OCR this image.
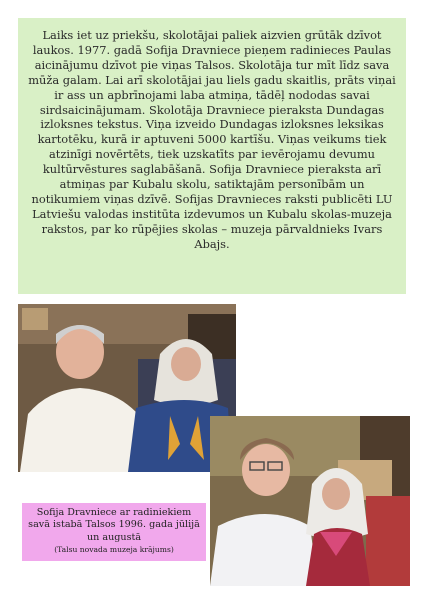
Laiks iet uz priekšu, skolotājai paliek aizvien grūtāk dzīvot laukos. 1977. gadā Sofija Dravniece pieņem radinieces Paulas aicinājumu dzīvot pie viņas Talsos. Skolotāja tur mīt līdz sava mūža galam. Lai arī skolotājai jau liels gadu skaitlis, prāts viņai ir ass un apbrīnojami laba atmiņa, tādēļ nododas savai sirdsaicinājumam. Skolotāja Dravniece pieraksta Dundagas izloksnes tekstus. Viņa izveido Dundagas izloksnes leksikas kartotēku, kurā ir aptuveni 5000 kartīšu. Viņas veikums tiek atzinīgi novērtēts, tiek uzskatīts par ievērojamu devumu kultūrvēstures saglabāšanā. Sofija Dravniece pieraksta arī atmiņas par Kubalu skolu, satiktajām personībām un notikumiem viņas dzīvē. Sofijas Dravnieces raksti publicēti LU Latviešu valodas institūta izdevumos un Kubalu skolas-muzeja rakstos, par ko rūpējies skolas – muzeja pārvaldnieks Ivars Abajs.

Sofija Dravniece ar radiniekiem savā istabā Talsos 1996. gada jūlijā un augustā
(Talsu novada muzeja krājums)
